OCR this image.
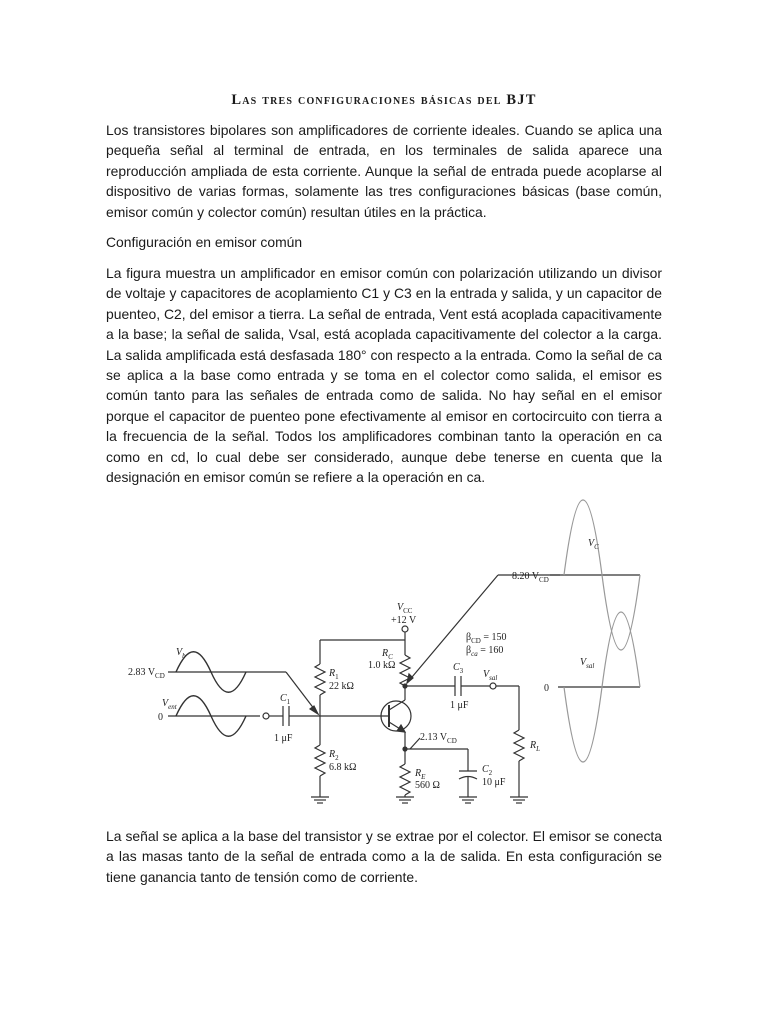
Las tres configuraciones básicas del BJT
Los transistores bipolares son amplificadores de corriente ideales. Cuando se aplica una pequeña señal al terminal de entrada, en los terminales de salida aparece una reproducción ampliada de esta corriente. Aunque la señal de entrada puede acoplarse al dispositivo de varias formas, solamente las tres configuraciones básicas (base común, emisor común y colector común) resultan útiles en la práctica.
Configuración en emisor común
La figura muestra un amplificador en emisor común con polarización utilizando un divisor de voltaje y capacitores de acoplamiento C1 y C3 en la entrada y salida, y un capacitor de puenteo, C2, del emisor a tierra. La señal de entrada, Vent está acoplada capacitivamente a la base; la señal de salida, Vsal, está acoplada capacitivamente del colector a la carga. La salida amplificada está desfasada 180° con respecto a la entrada. Como la señal de ca se aplica a la base como entrada y se toma en el colector como salida, el emisor es común tanto para las señales de entrada como de salida. No hay señal en el emisor porque el capacitor de puenteo pone efectivamente al emisor en cortocircuito con tierra a la frecuencia de la señal. Todos los amplificadores combinan tanto la operación en ca como en cd, lo cual debe ser considerado, aunque debe tenerse en cuenta que la designación en emisor común se refiere a la operación en ca.
$V_{CC}$
+12 V
$\beta_{CD} = 150$
$\beta_{ca} = 160$
$V_C$
8.20 $V_{CD}$
$V_b$
2.83 $V_{CD}$
$V_{ent}$
0
$V_{sal}$
0
$V_{sal}$
2.13 $V_{CD}$
$R_1$
22 kΩ
$R_2$
6.8 kΩ
$R_C$
1.0 kΩ
$R_E$
560 Ω
$R_L$
$C_1$
1 μF
$C_2$
10 μF
$C_3$
1 μF
La señal se aplica a la base del transistor y se extrae por el colector. El emisor se conecta a las masas tanto de la señal de entrada como a la de salida. En esta configuración se tiene ganancia tanto de tensión como de corriente.
